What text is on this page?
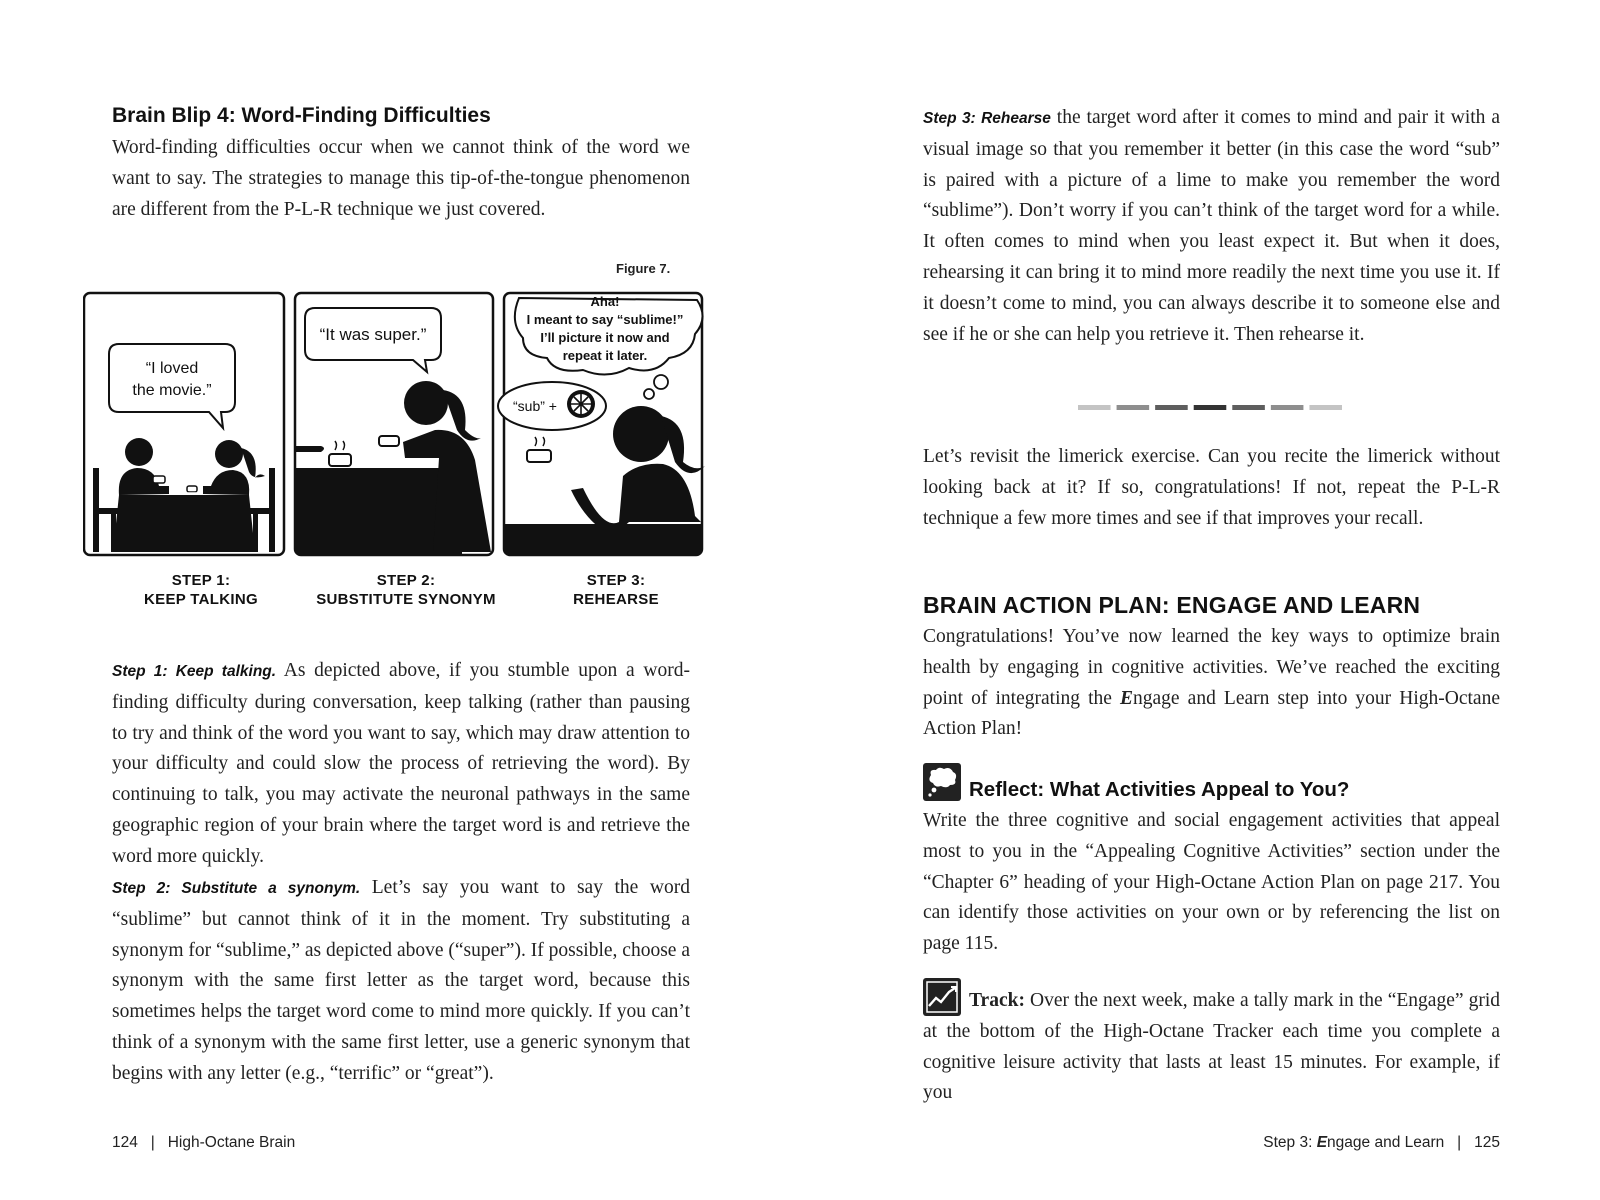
Brain Blip 4: Word-Finding Difficulties

Word-finding difficulties occur when we cannot think of the word we want to say. The strategies to manage this tip-of-the-tongue phenomenon are different from the P-L-R technique we just covered.

Figure 7.
“I loved
the movie.”
“It was super.”
Aha!
I meant to say “sublime!”
I’ll picture it now and
repeat it later.
“sub” +
STEP 1:
KEEP TALKING
STEP 2:
SUBSTITUTE SYNONYM
STEP 3:
REHEARSE

Step 1: Keep talking. As depicted above, if you stumble upon a word-finding difficulty during conversation, keep talking (rather than pausing to try and think of the word you want to say, which may draw attention to your difficulty and could slow the process of retrieving the word). By continuing to talk, you may activate the neuronal pathways in the same geographic region of your brain where the target word is and retrieve the word more quickly.

Step 2: Substitute a synonym. Let’s say you want to say the word “sublime” but cannot think of it in the moment. Try substituting a synonym for “sublime,” as depicted above (“super”). If possible, choose a synonym with the same first letter as the target word, because this sometimes helps the target word come to mind more quickly. If you can’t think of a synonym with the same first letter, use a generic synonym that begins with any letter (e.g., “terrific” or “great”).

124   |   High-Octane Brain

Step 3: Rehearse the target word after it comes to mind and pair it with a visual image so that you remember it better (in this case the word “sub” is paired with a picture of a lime to make you remember the word “sublime”). Don’t worry if you can’t think of the target word for a while. It often comes to mind when you least expect it. But when it does, rehearsing it can bring it to mind more readily the next time you use it. If it doesn’t come to mind, you can always describe it to someone else and see if he or she can help you retrieve it. Then rehearse it.

Let’s revisit the limerick exercise. Can you recite the limerick without looking back at it? If so, congratulations! If not, repeat the P-L-R technique a few more times and see if that improves your recall.

BRAIN ACTION PLAN: ENGAGE AND LEARN

Congratulations! You’ve now learned the key ways to optimize brain health by engaging in cognitive activities. We’ve reached the exciting point of integrating the Engage and Learn step into your High-Octane Action Plan!

Reflect: What Activities Appeal to You?

Write the three cognitive and social engagement activities that appeal most to you in the “Appealing Cognitive Activities” section under the “Chapter 6” heading of your High-Octane Action Plan on page 217. You can identify those activities on your own or by referencing the list on page 115.

Track: Over the next week, make a tally mark in the “Engage” grid at the bottom of the High-Octane Tracker each time you complete a cognitive leisure activity that lasts at least 15 minutes. For example, if you

Step 3: Engage and Learn   |   125
